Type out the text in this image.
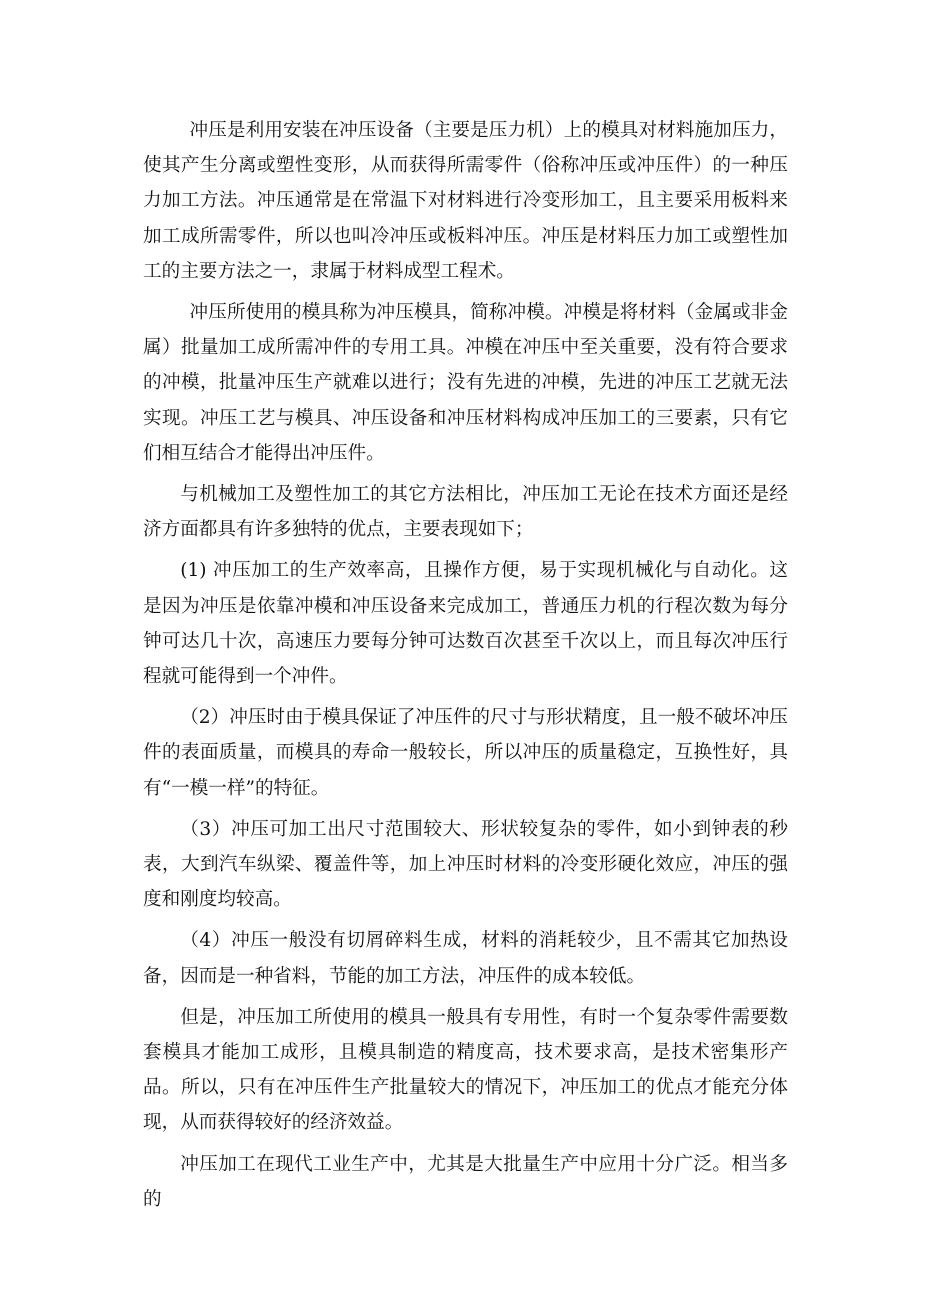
冲压是利用安装在冲压设备（主要是压力机）上的模具对材料施加压力，使其产生分离或塑性变形，从而获得所需零件（俗称冲压或冲压件）的一种压力加工方法。冲压通常是在常温下对材料进行冷变形加工，且主要采用板料来加工成所需零件，所以也叫冷冲压或板料冲压。冲压是材料压力加工或塑性加工的主要方法之一，隶属于材料成型工程术。

冲压所使用的模具称为冲压模具，简称冲模。冲模是将材料（金属或非金属）批量加工成所需冲件的专用工具。冲模在冲压中至关重要，没有符合要求的冲模，批量冲压生产就难以进行；没有先进的冲模，先进的冲压工艺就无法实现。冲压工艺与模具、冲压设备和冲压材料构成冲压加工的三要素，只有它们相互结合才能得出冲压件。

与机械加工及塑性加工的其它方法相比，冲压加工无论在技术方面还是经济方面都具有许多独特的优点，主要表现如下；

(1) 冲压加工的生产效率高，且操作方便，易于实现机械化与自动化。这是因为冲压是依靠冲模和冲压设备来完成加工，普通压力机的行程次数为每分钟可达几十次，高速压力要每分钟可达数百次甚至千次以上，而且每次冲压行程就可能得到一个冲件。

（2）冲压时由于模具保证了冲压件的尺寸与形状精度，且一般不破坏冲压件的表面质量，而模具的寿命一般较长，所以冲压的质量稳定，互换性好，具有“一模一样”的特征。

（3）冲压可加工出尺寸范围较大、形状较复杂的零件，如小到钟表的秒表，大到汽车纵梁、覆盖件等，加上冲压时材料的冷变形硬化效应，冲压的强度和刚度均较高。

（4）冲压一般没有切屑碎料生成，材料的消耗较少，且不需其它加热设备，因而是一种省料，节能的加工方法，冲压件的成本较低。

但是，冲压加工所使用的模具一般具有专用性，有时一个复杂零件需要数套模具才能加工成形，且模具制造的精度高，技术要求高，是技术密集形产品。所以，只有在冲压件生产批量较大的情况下，冲压加工的优点才能充分体现，从而获得较好的经济效益。

冲压加工在现代工业生产中，尤其是大批量生产中应用十分广泛。相当多的
